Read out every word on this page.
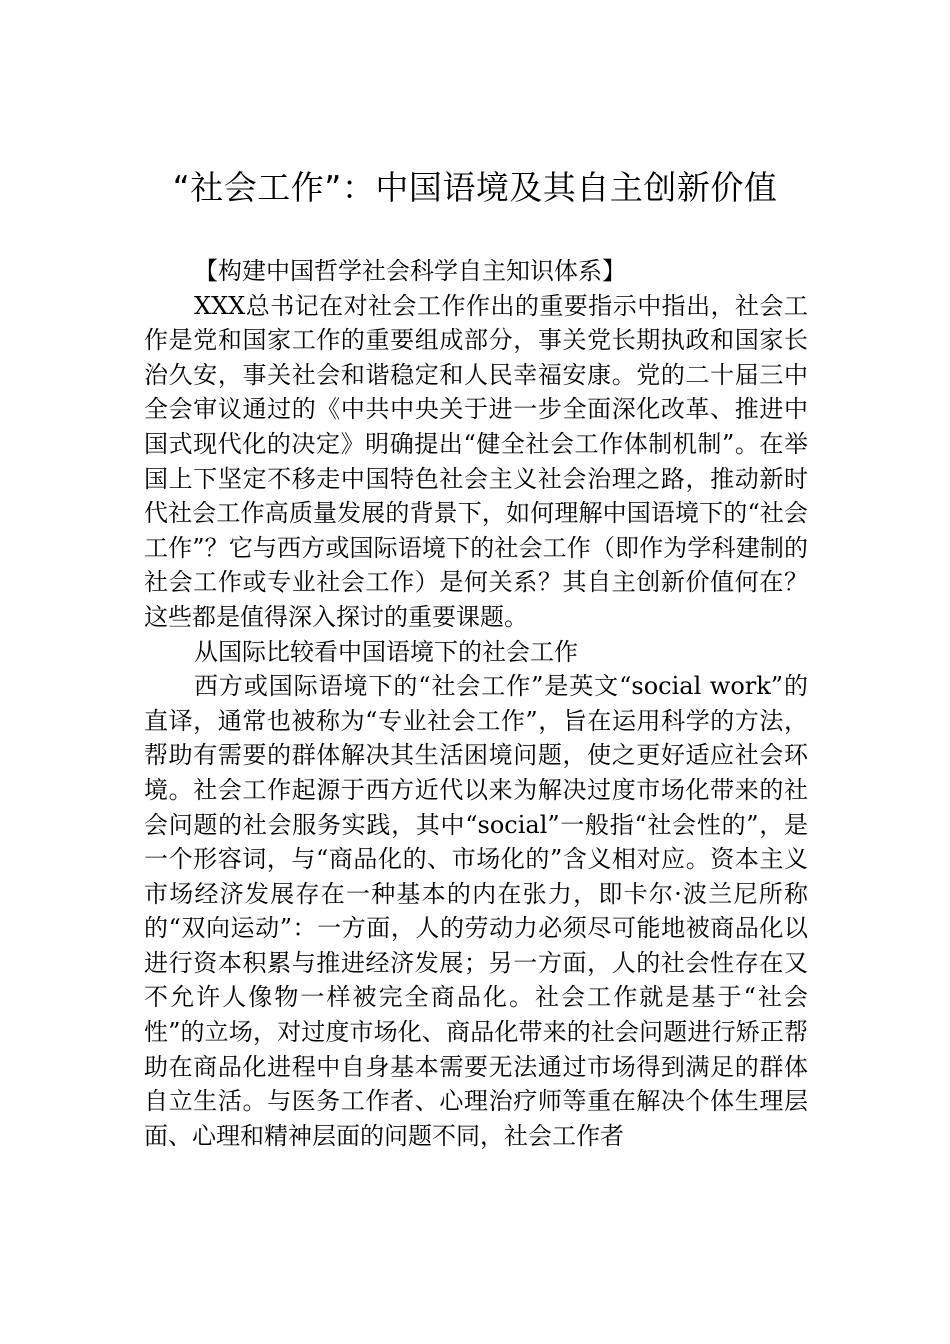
“社会工作”：中国语境及其自主创新价值

【构建中国哲学社会科学自主知识体系】

XXX总书记在对社会工作作出的重要指示中指出，社会工作是党和国家工作的重要组成部分，事关党长期执政和国家长治久安，事关社会和谐稳定和人民幸福安康。党的二十届三中全会审议通过的《中共中央关于进一步全面深化改革、推进中国式现代化的决定》明确提出“健全社会工作体制机制”。在举国上下坚定不移走中国特色社会主义社会治理之路，推动新时代社会工作高质量发展的背景下，如何理解中国语境下的“社会工作”？它与西方或国际语境下的社会工作（即作为学科建制的社会工作或专业社会工作）是何关系？其自主创新价值何在？这些都是值得深入探讨的重要课题。

从国际比较看中国语境下的社会工作

西方或国际语境下的“社会工作”是英文“social work”的直译，通常也被称为“专业社会工作”，旨在运用科学的方法，帮助有需要的群体解决其生活困境问题，使之更好适应社会环境。社会工作起源于西方近代以来为解决过度市场化带来的社会问题的社会服务实践，其中“social”一般指“社会性的”，是一个形容词，与“商品化的、市场化的”含义相对应。资本主义市场经济发展存在一种基本的内在张力，即卡尔·波兰尼所称的“双向运动”：一方面，人的劳动力必须尽可能地被商品化以进行资本积累与推进经济发展；另一方面，人的社会性存在又不允许人像物一样被完全商品化。社会工作就是基于“社会性”的立场，对过度市场化、商品化带来的社会问题进行矫正帮助在商品化进程中自身基本需要无法通过市场得到满足的群体自立生活。与医务工作者、心理治疗师等重在解决个体生理层面、心理和精神层面的问题不同，社会工作者
